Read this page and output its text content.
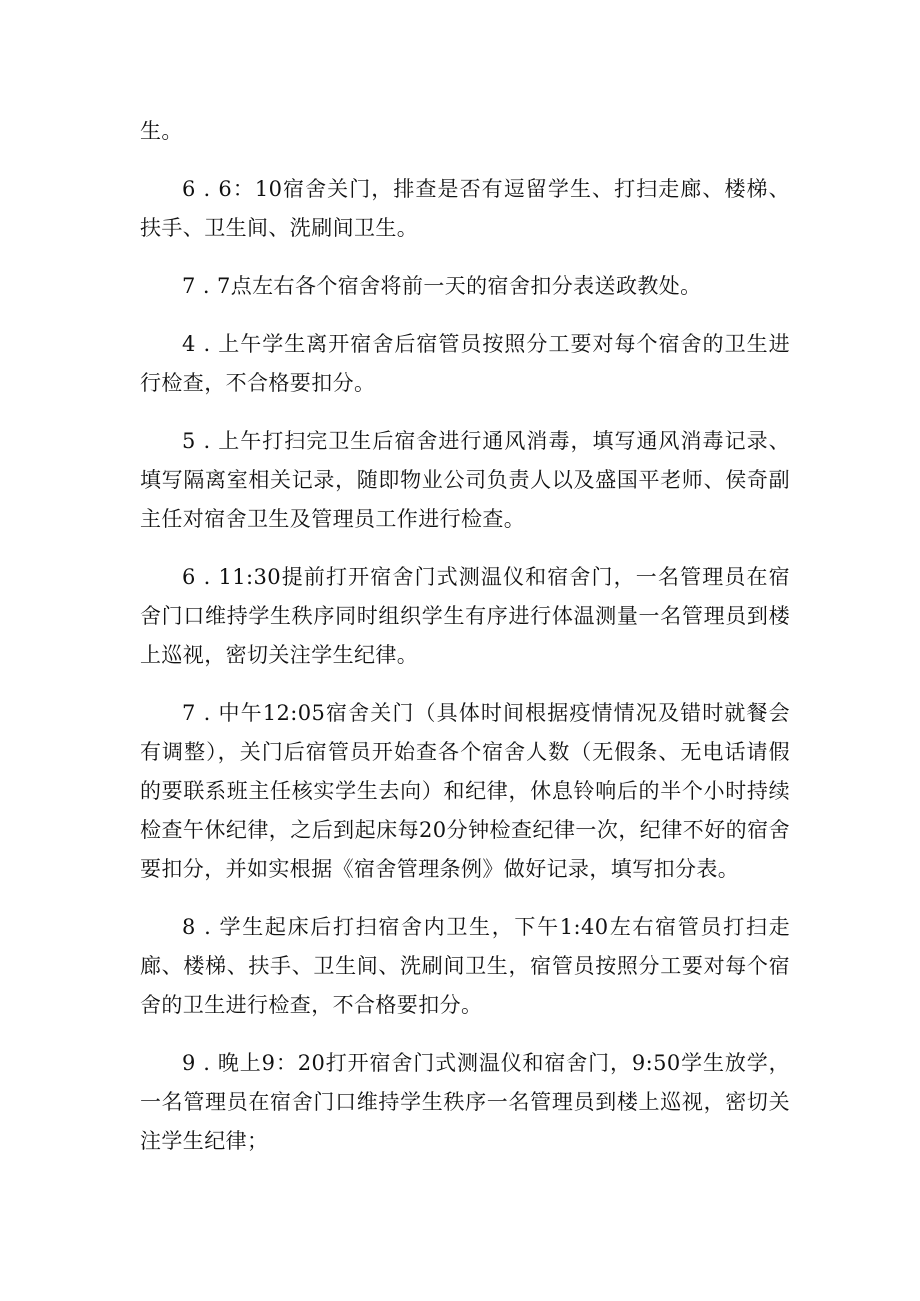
生。

6 . 6：10宿舍关门，排查是否有逗留学生、打扫走廊、楼梯、扶手、卫生间、洗刷间卫生。

7 . 7点左右各个宿舍将前一天的宿舍扣分表送政教处。

4 . 上午学生离开宿舍后宿管员按照分工要对每个宿舍的卫生进行检查，不合格要扣分。

5 . 上午打扫完卫生后宿舍进行通风消毒，填写通风消毒记录、填写隔离室相关记录，随即物业公司负责人以及盛国平老师、侯奇副主任对宿舍卫生及管理员工作进行检查。

6 . 11:30提前打开宿舍门式测温仪和宿舍门，一名管理员在宿舍门口维持学生秩序同时组织学生有序进行体温测量一名管理员到楼上巡视，密切关注学生纪律。

7 . 中午12:05宿舍关门（具体时间根据疫情情况及错时就餐会有调整），关门后宿管员开始查各个宿舍人数（无假条、无电话请假的要联系班主任核实学生去向）和纪律，休息铃响后的半个小时持续检查午休纪律，之后到起床每20分钟检查纪律一次，纪律不好的宿舍要扣分，并如实根据《宿舍管理条例》做好记录，填写扣分表。

8 . 学生起床后打扫宿舍内卫生，下午1:40左右宿管员打扫走廊、楼梯、扶手、卫生间、洗刷间卫生，宿管员按照分工要对每个宿舍的卫生进行检查，不合格要扣分。

9 . 晚上9：20打开宿舍门式测温仪和宿舍门，9:50学生放学，一名管理员在宿舍门口维持学生秩序一名管理员到楼上巡视，密切关注学生纪律；
